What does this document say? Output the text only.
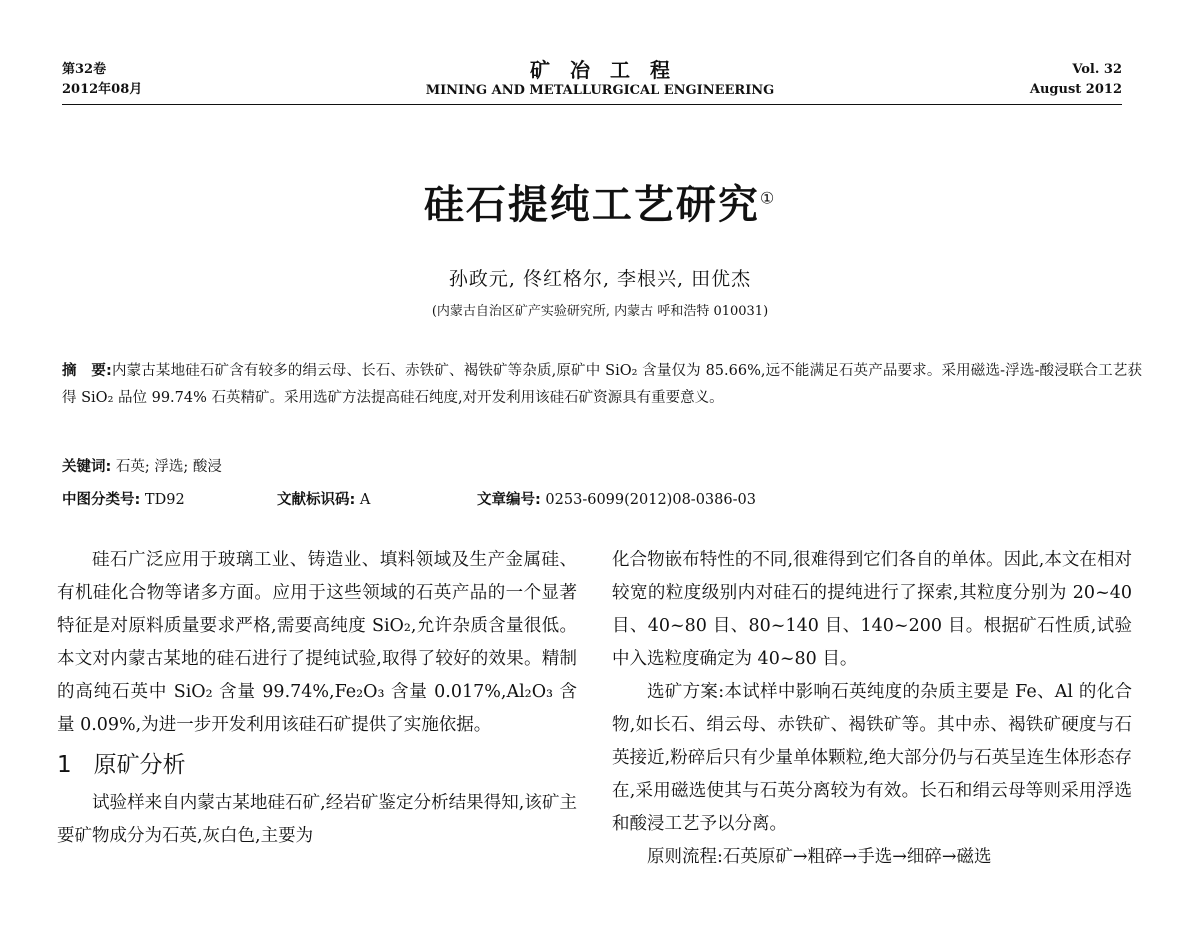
第32卷
2012年08月
矿冶工程
MINING AND METALLURGICAL ENGINEERING
Vol. 32
August 2012
硅石提纯工艺研究①
孙政元, 佟红格尔, 李根兴, 田优杰
(内蒙古自治区矿产实验研究所, 内蒙古 呼和浩特 010031)
摘　要:内蒙古某地硅石矿含有较多的绢云母、长石、赤铁矿、褐铁矿等杂质,原矿中 SiO₂ 含量仅为 85.66%,远不能满足石英产品要求。采用磁选-浮选-酸浸联合工艺获得 SiO₂ 品位 99.74% 石英精矿。采用选矿方法提高硅石纯度,对开发利用该硅石矿资源具有重要意义。
关键词: 石英; 浮选; 酸浸
中图分类号: TD92	文献标识码: A	文章编号: 0253-6099(2012)08-0386-03

硅石广泛应用于玻璃工业、铸造业、填料领域及生产金属硅、有机硅化合物等诸多方面。应用于这些领域的石英产品的一个显著特征是对原料质量要求严格,需要高纯度 SiO₂,允许杂质含量很低。本文对内蒙古某地的硅石进行了提纯试验,取得了较好的效果。精制的高纯石英中 SiO₂ 含量 99.74%,Fe₂O₃ 含量 0.017%,Al₂O₃ 含量 0.09%,为进一步开发利用该硅石矿提供了实施依据。

1 原矿分析

试验样来自内蒙古某地硅石矿,经岩矿鉴定分析结果得知,该矿主要矿物成分为石英,灰白色,主要为

化合物嵌布特性的不同,很难得到它们各自的单体。因此,本文在相对较宽的粒度级别内对硅石的提纯进行了探索,其粒度分别为 20~40 目、40~80 目、80~140 目、140~200 目。根据矿石性质,试验中入选粒度确定为 40~80 目。

选矿方案:本试样中影响石英纯度的杂质主要是 Fe、Al 的化合物,如长石、绢云母、赤铁矿、褐铁矿等。其中赤、褐铁矿硬度与石英接近,粉碎后只有少量单体颗粒,绝大部分仍与石英呈连生体形态存在,采用磁选使其与石英分离较为有效。长石和绢云母等则采用浮选和酸浸工艺予以分离。

原则流程:石英原矿→粗碎→手选→细碎→磁选
